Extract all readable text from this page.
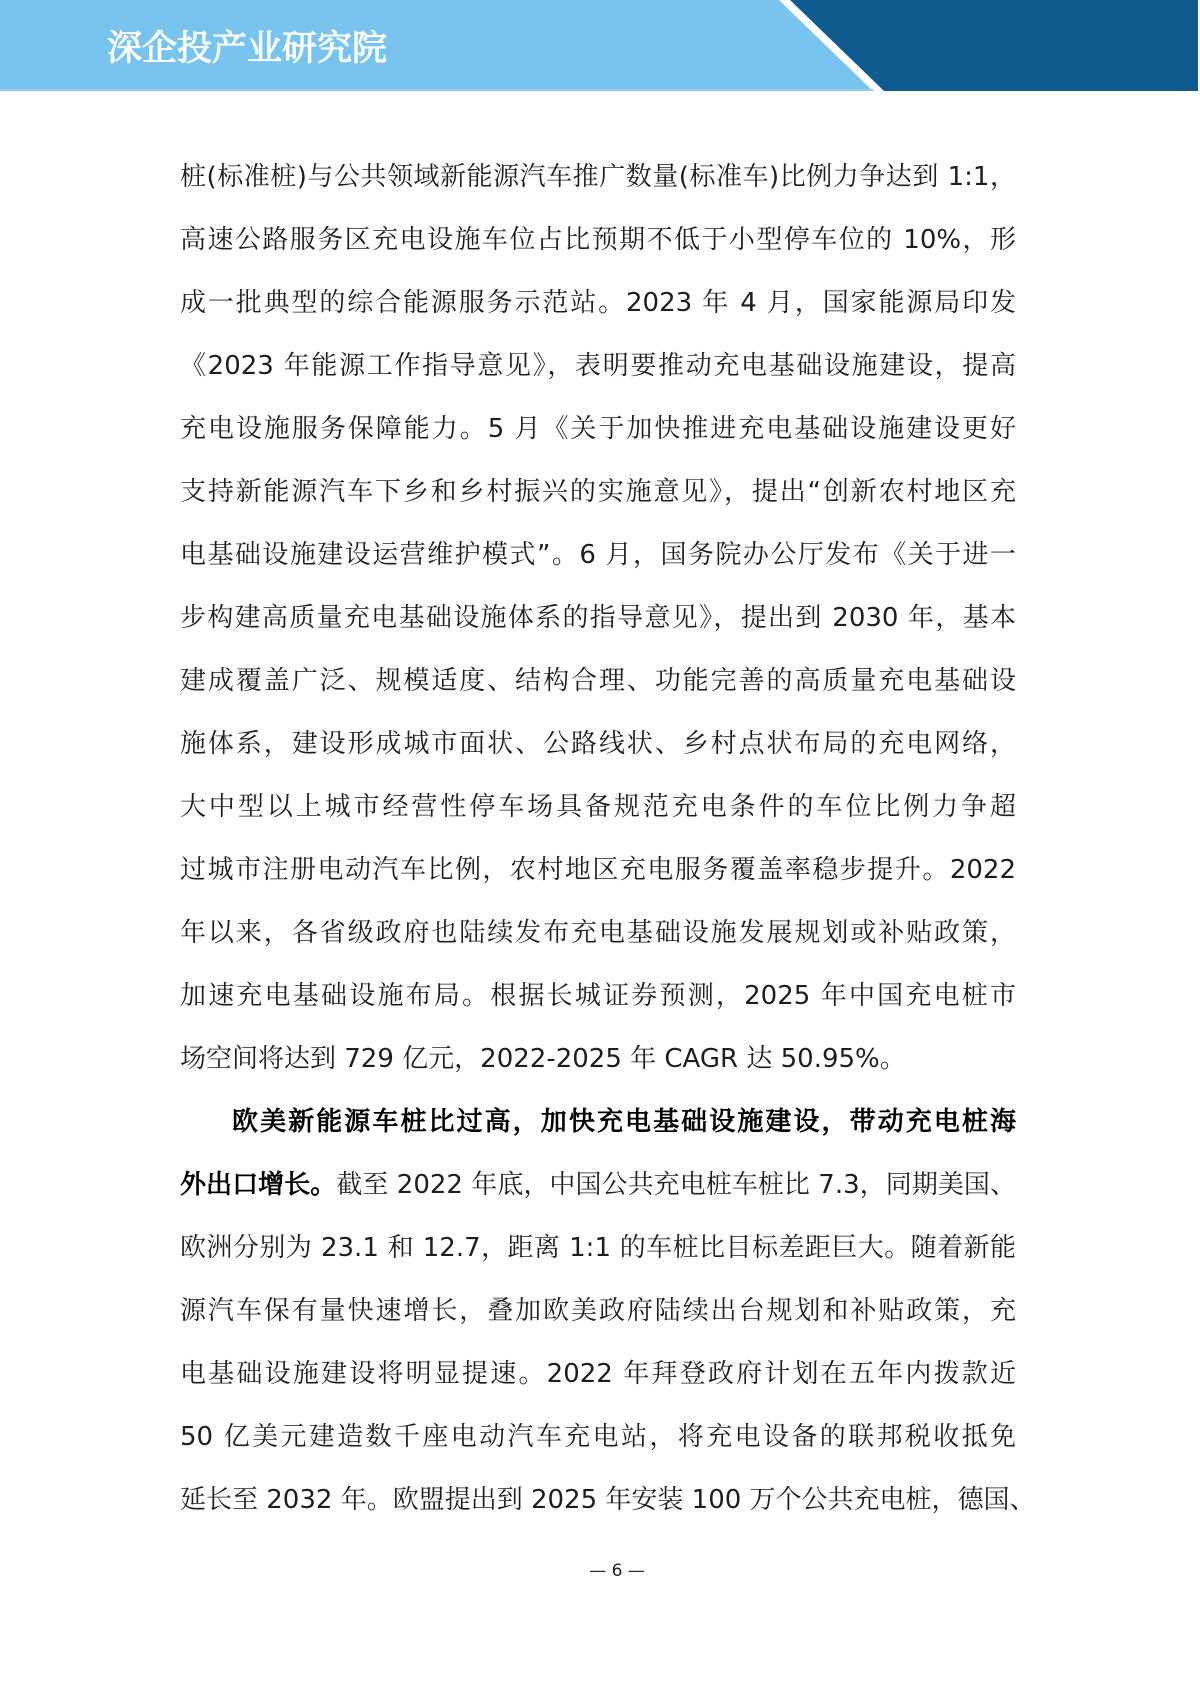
深企投产业研究院
桩(标准桩)与公共领域新能源汽车推广数量(标准车)比例力争达到 1:1，
高速公路服务区充电设施车位占比预期不低于小型停车位的 10%，形
成一批典型的综合能源服务示范站。2023 年 4 月，国家能源局印发
《2023 年能源工作指导意见》，表明要推动充电基础设施建设，提高
充电设施服务保障能力。5 月《关于加快推进充电基础设施建设更好
支持新能源汽车下乡和乡村振兴的实施意见》，提出“创新农村地区充
电基础设施建设运营维护模式”。6 月，国务院办公厅发布《关于进一
步构建高质量充电基础设施体系的指导意见》，提出到 2030 年，基本
建成覆盖广泛、规模适度、结构合理、功能完善的高质量充电基础设
施体系，建设形成城市面状、公路线状、乡村点状布局的充电网络，
大中型以上城市经营性停车场具备规范充电条件的车位比例力争超
过城市注册电动汽车比例，农村地区充电服务覆盖率稳步提升。2022
年以来，各省级政府也陆续发布充电基础设施发展规划或补贴政策，
加速充电基础设施布局。根据长城证券预测，2025 年中国充电桩市
场空间将达到 729 亿元，2022-2025 年 CAGR 达 50.95%。
欧美新能源车桩比过高，加快充电基础设施建设，带动充电桩海
外出口增长。截至 2022 年底，中国公共充电桩车桩比 7.3，同期美国、
欧洲分别为 23.1 和 12.7，距离 1:1 的车桩比目标差距巨大。随着新能
源汽车保有量快速增长，叠加欧美政府陆续出台规划和补贴政策，充
电基础设施建设将明显提速。2022 年拜登政府计划在五年内拨款近
50 亿美元建造数千座电动汽车充电站，将充电设备的联邦税收抵免
延长至 2032 年。欧盟提出到 2025 年安装 100 万个公共充电桩，德国、
— 6 —
